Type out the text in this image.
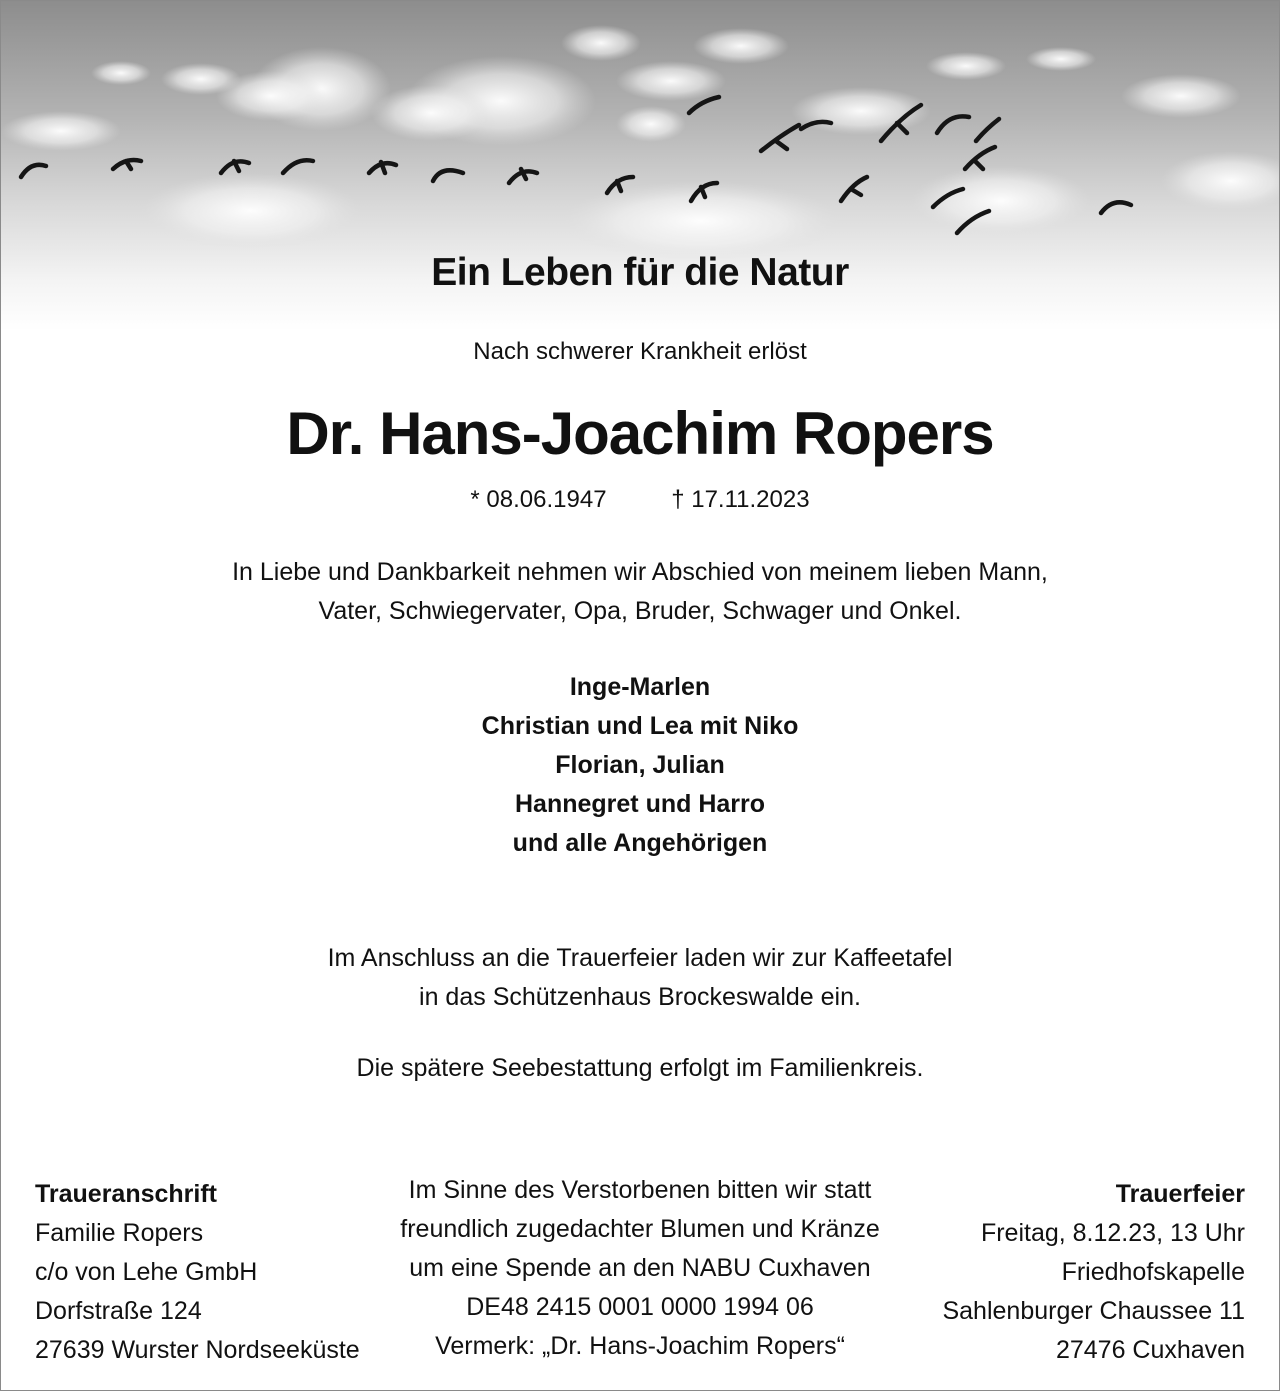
Ein Leben für die Natur
Nach schwerer Krankheit erlöst
Dr. Hans-Joachim Ropers
* 08.06.1947	† 17.11.2023
In Liebe und Dankbarkeit nehmen wir Abschied von meinem lieben Mann,
Vater, Schwiegervater, Opa, Bruder, Schwager und Onkel.
Inge-Marlen
Christian und Lea mit Niko
Florian, Julian
Hannegret und Harro
und alle Angehörigen
Im Anschluss an die Trauerfeier laden wir zur Kaffeetafel
in das Schützenhaus Brockeswalde ein.
Die spätere Seebestattung erfolgt im Familienkreis.
Traueranschrift
Familie Ropers
c/o von Lehe GmbH
Dorfstraße 124
27639 Wurster Nordseeküste
Im Sinne des Verstorbenen bitten wir statt
freundlich zugedachter Blumen und Kränze
um eine Spende an den NABU Cuxhaven
DE48 2415 0001 0000 1994 06
Vermerk: „Dr. Hans-Joachim Ropers“
Trauerfeier
Freitag, 8.12.23, 13 Uhr
Friedhofskapelle
Sahlenburger Chaussee 11
27476 Cuxhaven
